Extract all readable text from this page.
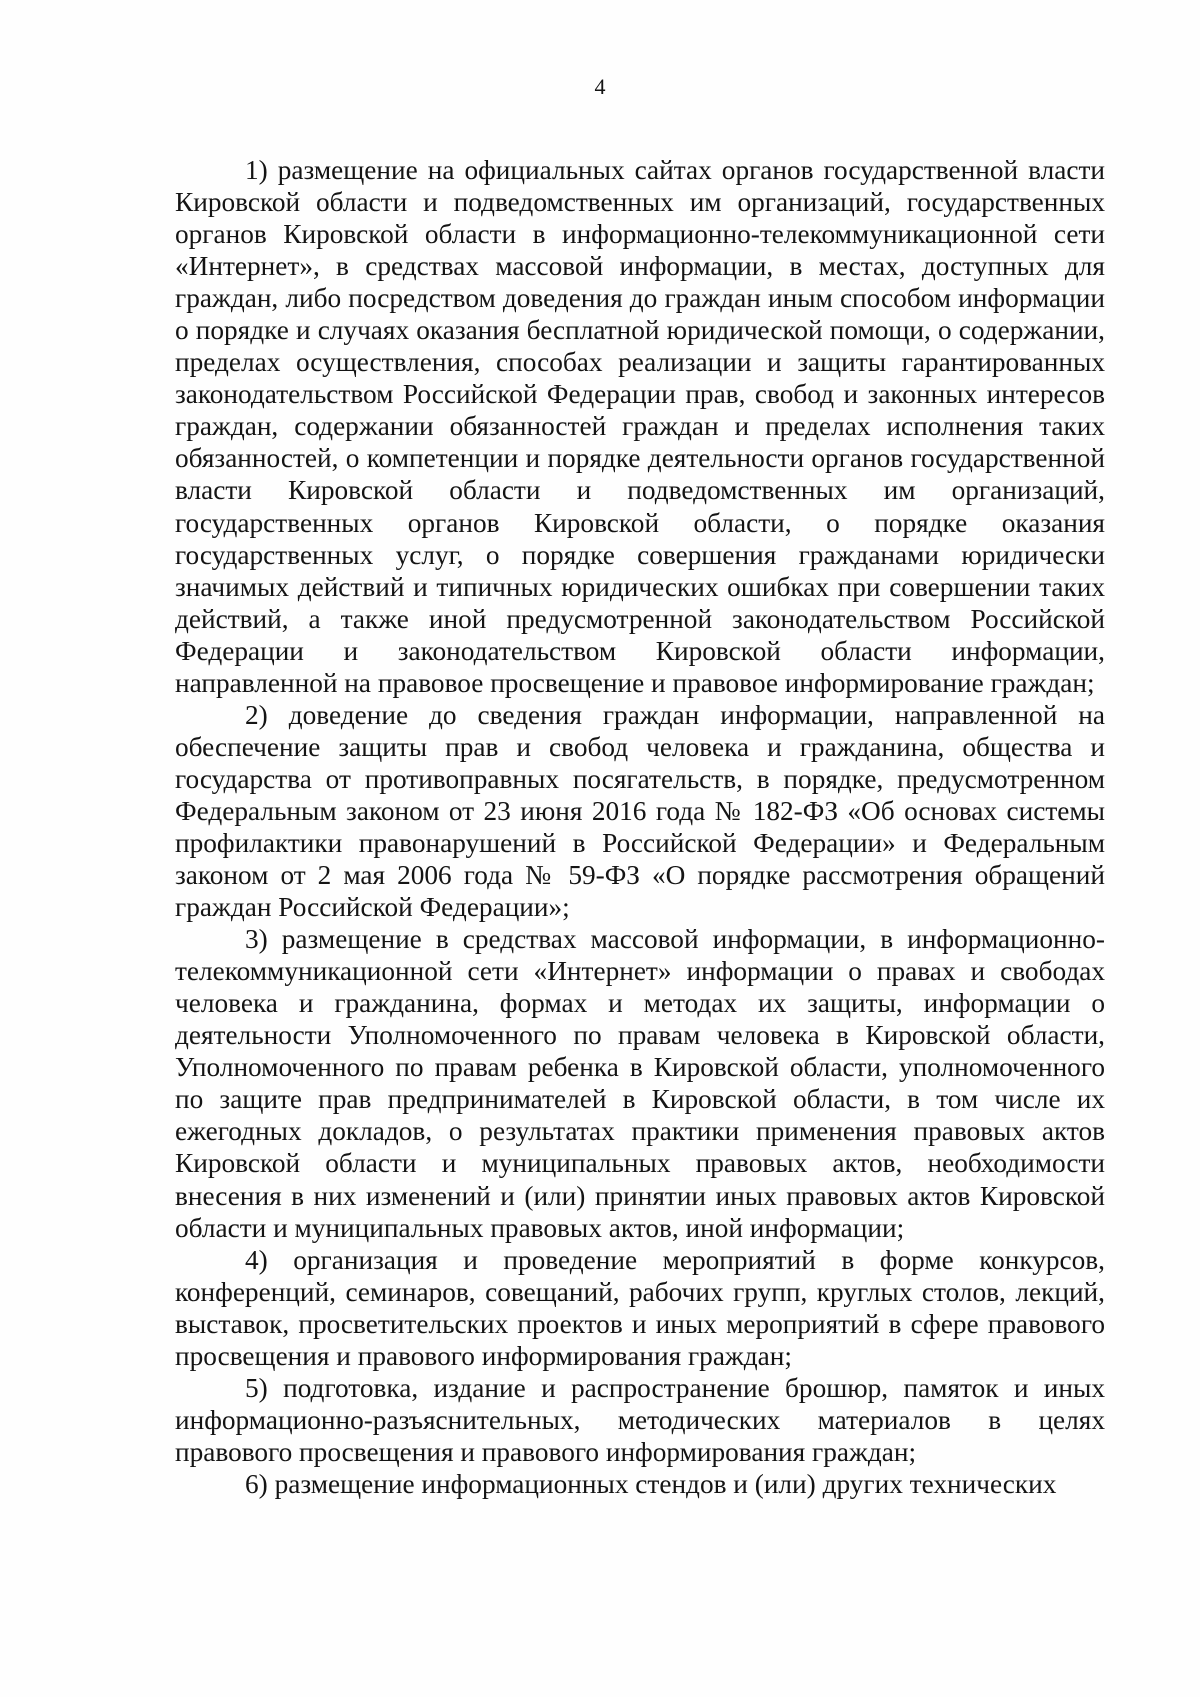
4

1) размещение на официальных сайтах органов государственной власти Кировской области и подведомственных им организаций, государственных органов Кировской области в информационно-телекоммуникационной сети «Интернет», в средствах массовой информации, в местах, доступных для граждан, либо посредством доведения до граждан иным способом информации о порядке и случаях оказания бесплатной юридической помощи, о содержании, пределах осуществления, способах реализации и защиты гарантированных законодательством Российской Федерации прав, свобод и законных интересов граждан, содержании обязанностей граждан и пределах исполнения таких обязанностей, о компетенции и порядке деятельности органов государственной власти Кировской области и подведомственных им организаций, государственных органов Кировской области, о порядке оказания государственных услуг, о порядке совершения гражданами юридически значимых действий и типичных юридических ошибках при совершении таких действий, а также иной предусмотренной законодательством Российской Федерации и законодательством Кировской области информации, направленной на правовое просвещение и правовое информирование граждан;

2) доведение до сведения граждан информации, направленной на обеспечение защиты прав и свобод человека и гражданина, общества и государства от противоправных посягательств, в порядке, предусмотренном Федеральным законом от 23 июня 2016 года № 182-ФЗ «Об основах системы профилактики правонарушений в Российской Федерации» и Федеральным законом от 2 мая 2006 года № 59-ФЗ «О порядке рассмотрения обращений граждан Российской Федерации»;

3) размещение в средствах массовой информации, в информационно-телекоммуникационной сети «Интернет» информации о правах и свободах человека и гражданина, формах и методах их защиты, информации о деятельности Уполномоченного по правам человека в Кировской области, Уполномоченного по правам ребенка в Кировской области, уполномоченного по защите прав предпринимателей в Кировской области, в том числе их ежегодных докладов, о результатах практики применения правовых актов Кировской области и муниципальных правовых актов, необходимости внесения в них изменений и (или) принятии иных правовых актов Кировской области и муниципальных правовых актов, иной информации;

4) организация и проведение мероприятий в форме конкурсов, конференций, семинаров, совещаний, рабочих групп, круглых столов, лекций, выставок, просветительских проектов и иных мероприятий в сфере правового просвещения и правового информирования граждан;

5) подготовка, издание и распространение брошюр, памяток и иных информационно-разъяснительных, методических материалов в целях правового просвещения и правового информирования граждан;

6) размещение информационных стендов и (или) других технических
